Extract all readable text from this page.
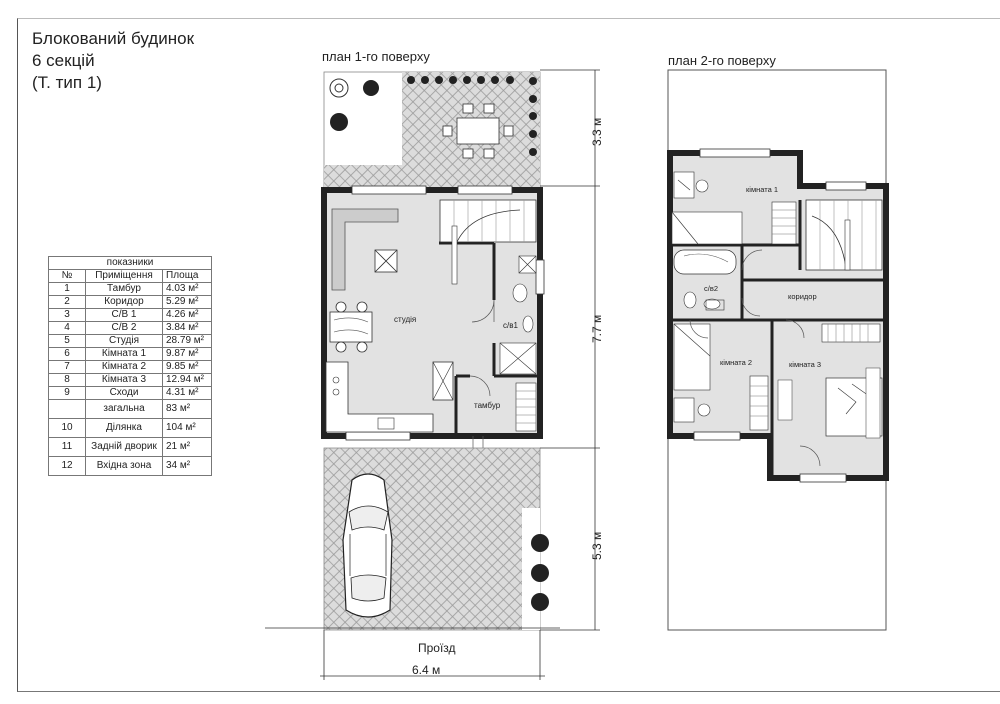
Блокований будинок
6 секцій
(Т. тип 1)
план 1-го поверху	план 2-го поверху
показники		
№	Приміщення	Площа
1	Тамбур	4.03 м²
2	Коридор	5.29 м²
3	С/В 1	4.26 м²
4	С/В 2	3.84 м²
5	Студія	28.79 м²
6	Кімната 1	9.87 м²
7	Кімната 2	9.85 м²
8	Кімната 3	12.94 м²
9	Сходи	4.31 м²
	загальна	83 м²
10	Ділянка	104 м²
11	Задній дворик	21 м²
12	Вхідна зона	34 м²
студія
с/в1
тамбур
3.3 м
7.7 м
5.3 м
Проїзд
6.4 м
кімната 1
с/в2
коридор
кімната 2	кімната 3
